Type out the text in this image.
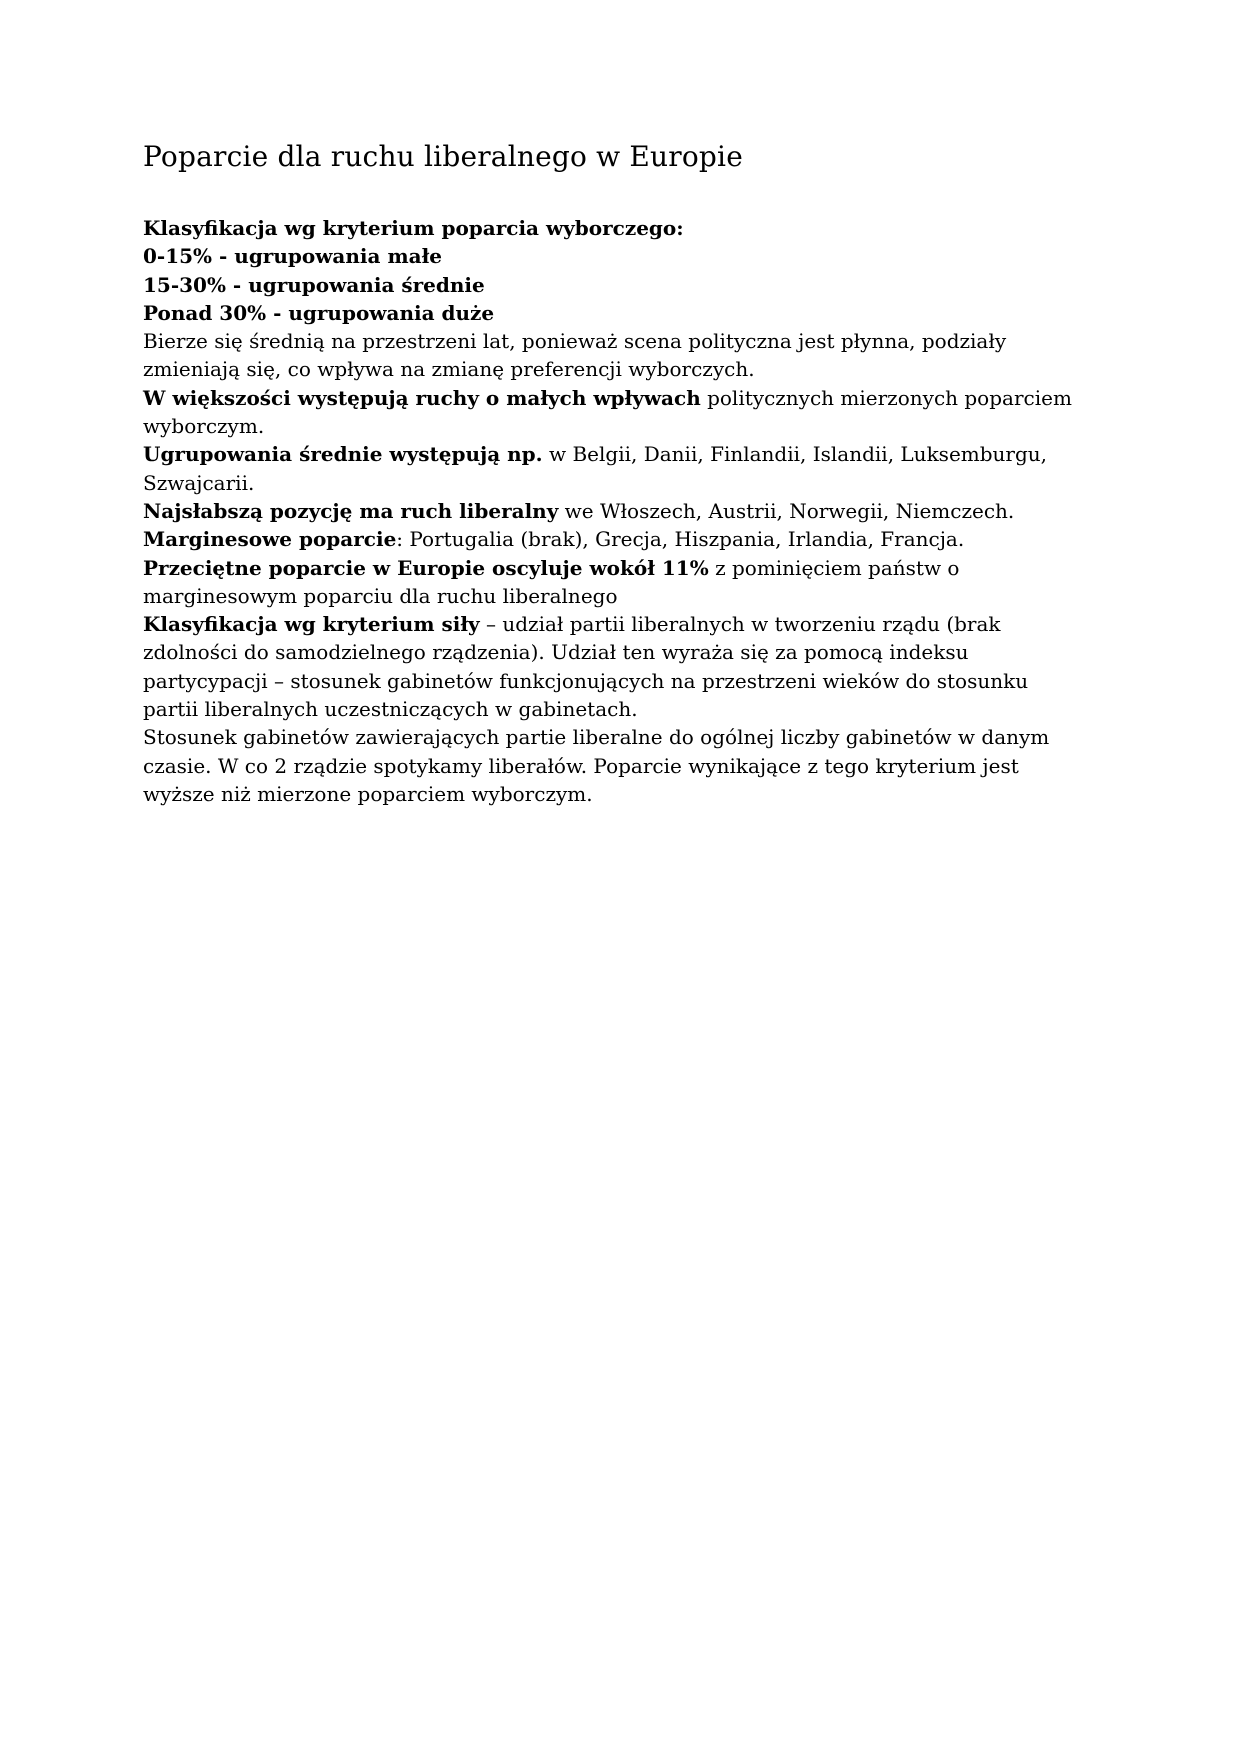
Poparcie dla ruchu liberalnego w Europie

Klasyfikacja wg kryterium poparcia wyborczego:

0-15% - ugrupowania małe

15-30% - ugrupowania średnie

Ponad 30% - ugrupowania duże

Bierze się średnią na przestrzeni lat, ponieważ scena polityczna jest płynna, podziały zmieniają się, co wpływa na zmianę preferencji wyborczych.

W większości występują ruchy o małych wpływach politycznych mierzonych poparciem wyborczym.

Ugrupowania średnie występują np. w Belgii, Danii, Finlandii, Islandii, Luksemburgu, Szwajcarii.

Najsłabszą pozycję ma ruch liberalny we Włoszech, Austrii, Norwegii, Niemczech.

Marginesowe poparcie: Portugalia (brak), Grecja, Hiszpania, Irlandia, Francja.

Przeciętne poparcie w Europie oscyluje wokół 11% z pominięciem państw o marginesowym poparciu dla ruchu liberalnego

Klasyfikacja wg kryterium siły – udział partii liberalnych w tworzeniu rządu (brak zdolności do samodzielnego rządzenia). Udział ten wyraża się za pomocą indeksu partycypacji – stosunek gabinetów funkcjonujących na przestrzeni wieków do stosunku partii liberalnych uczestniczących w gabinetach.

Stosunek gabinetów zawierających partie liberalne do ogólnej liczby gabinetów w danym czasie. W co 2 rządzie spotykamy liberałów. Poparcie wynikające z tego kryterium jest wyższe niż mierzone poparciem wyborczym.
